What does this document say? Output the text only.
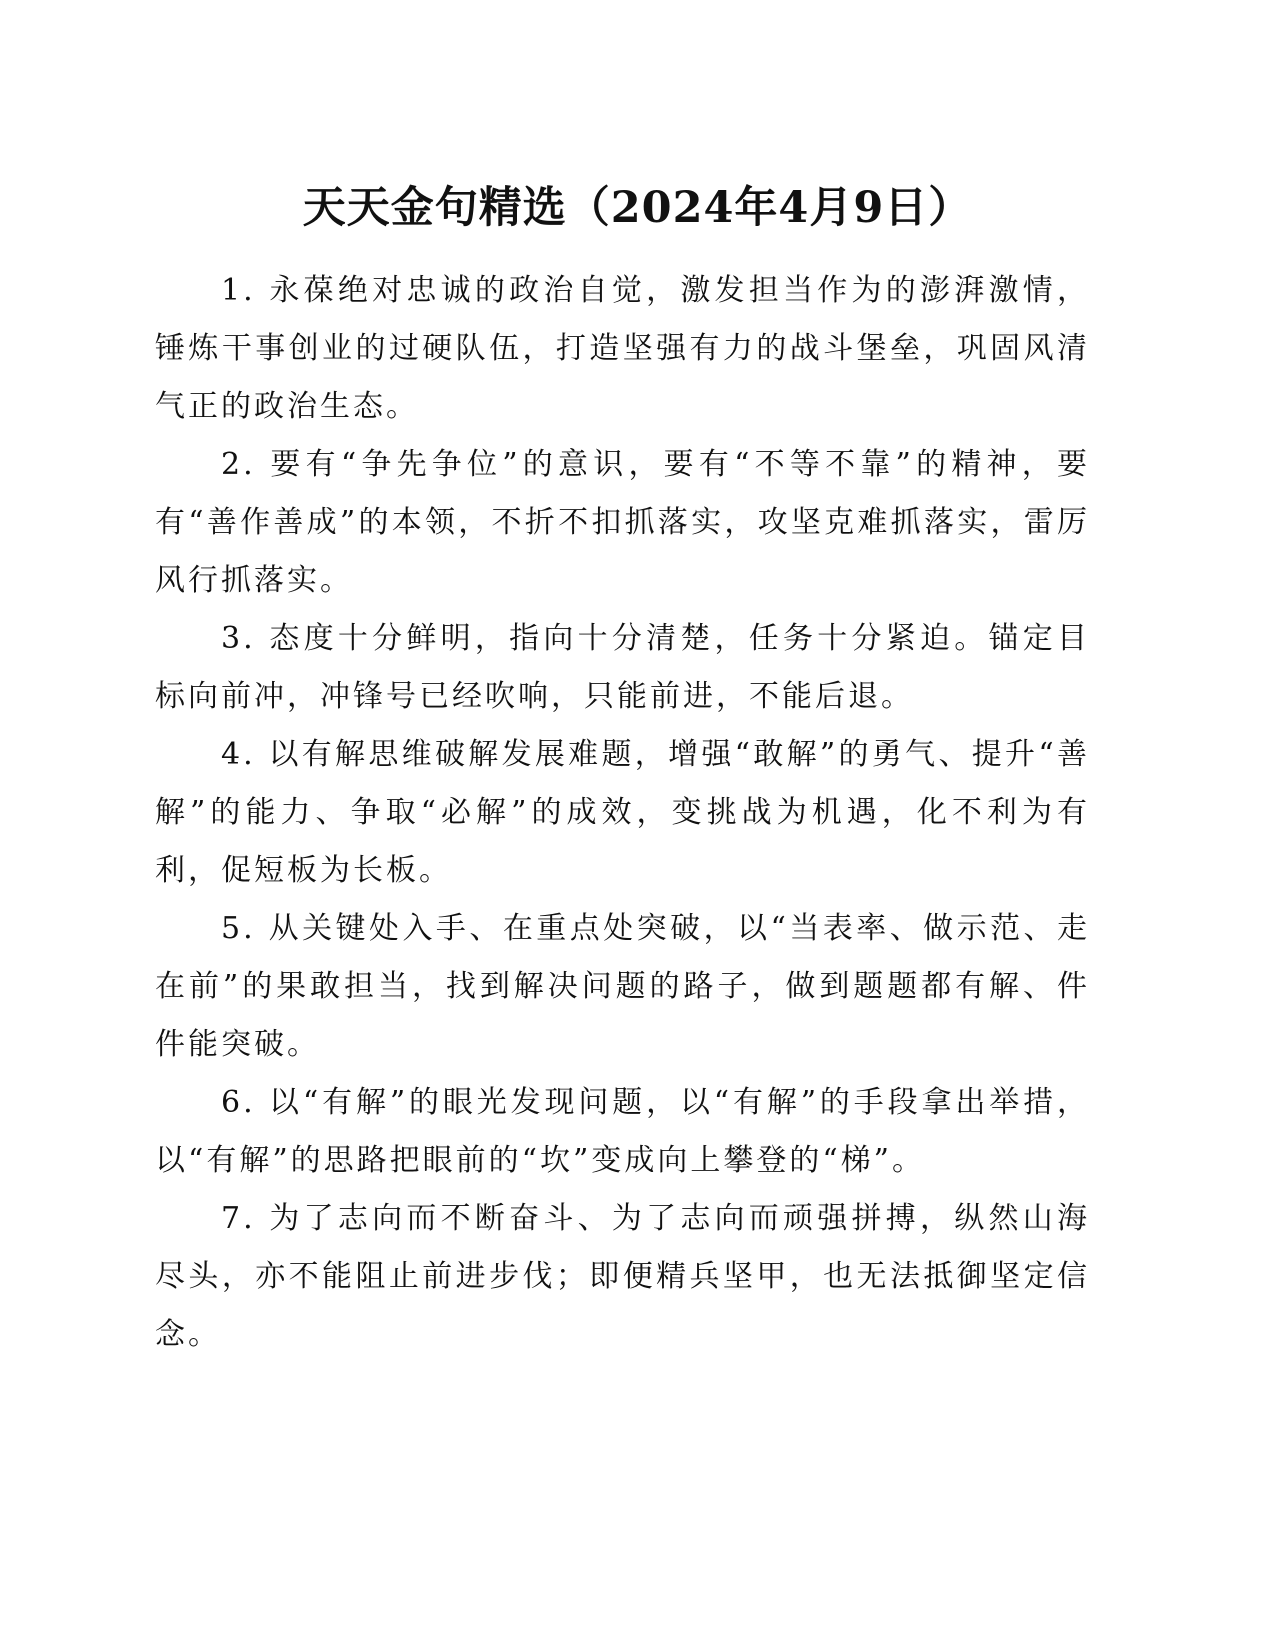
天天金句精选（2024年4月9日）

1. 永葆绝对忠诚的政治自觉，激发担当作为的澎湃激情，锤炼干事创业的过硬队伍，打造坚强有力的战斗堡垒，巩固风清气正的政治生态。

2. 要有“争先争位”的意识，要有“不等不靠”的精神，要有“善作善成”的本领，不折不扣抓落实，攻坚克难抓落实，雷厉风行抓落实。

3. 态度十分鲜明，指向十分清楚，任务十分紧迫。锚定目标向前冲，冲锋号已经吹响，只能前进，不能后退。

4. 以有解思维破解发展难题，增强“敢解”的勇气、提升“善解”的能力、争取“必解”的成效，变挑战为机遇，化不利为有利，促短板为长板。

5. 从关键处入手、在重点处突破，以“当表率、做示范、走在前”的果敢担当，找到解决问题的路子，做到题题都有解、件件能突破。

6. 以“有解”的眼光发现问题，以“有解”的手段拿出举措，以“有解”的思路把眼前的“坎”变成向上攀登的“梯”。

7. 为了志向而不断奋斗、为了志向而顽强拼搏，纵然山海尽头，亦不能阻止前进步伐；即便精兵坚甲，也无法抵御坚定信念。
